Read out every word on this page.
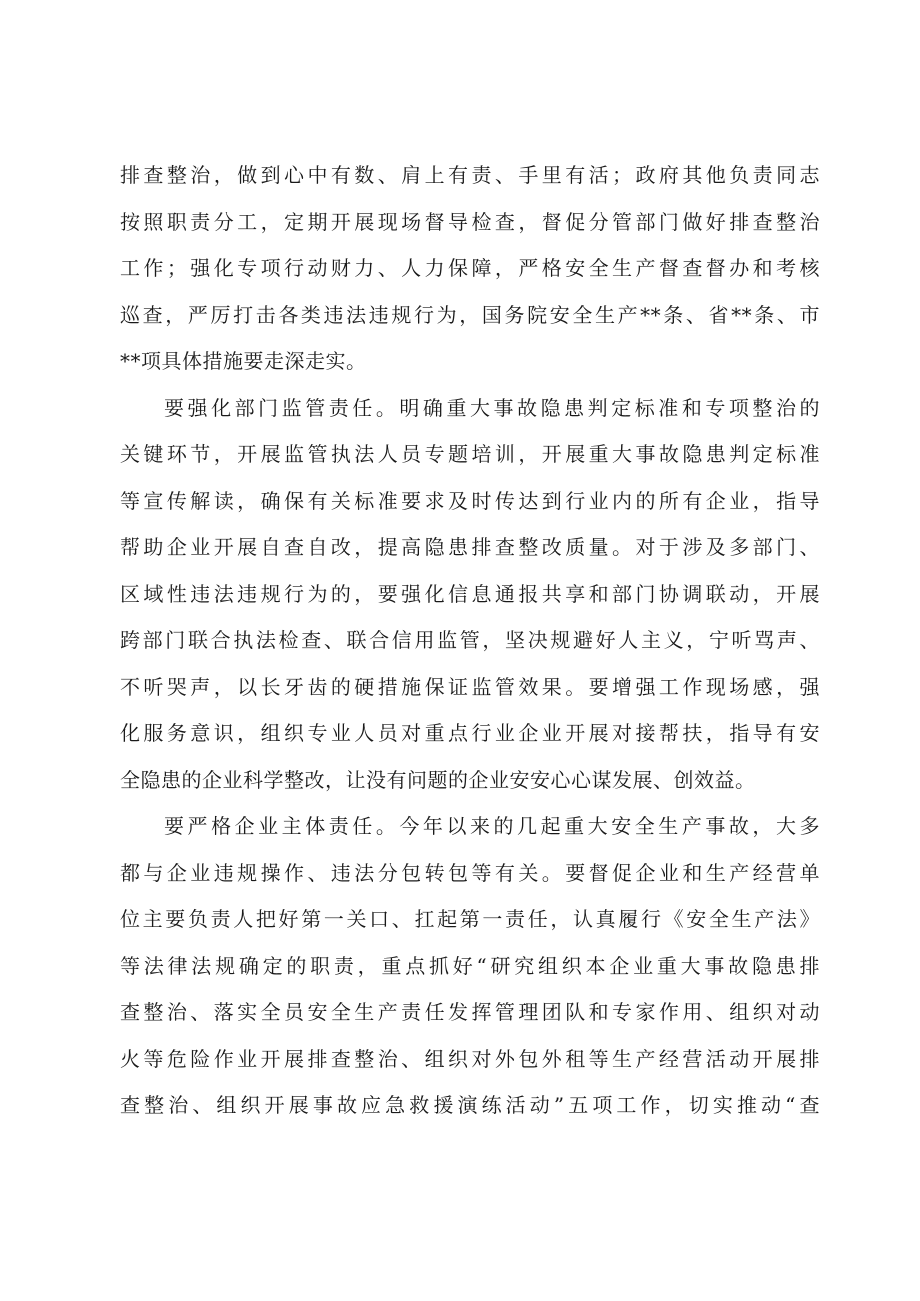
排查整治，做到心中有数、肩上有责、手里有活；政府其他负责同志
按照职责分工，定期开展现场督导检查，督促分管部门做好排查整治
工作；强化专项行动财力、人力保障，严格安全生产督查督办和考核
巡查，严厉打击各类违法违规行为，国务院安全生产**条、省**条、市
**项具体措施要走深走实。
要强化部门监管责任。明确重大事故隐患判定标准和专项整治的
关键环节，开展监管执法人员专题培训，开展重大事故隐患判定标准
等宣传解读，确保有关标准要求及时传达到行业内的所有企业，指导
帮助企业开展自查自改，提高隐患排查整改质量。对于涉及多部门、
区域性违法违规行为的，要强化信息通报共享和部门协调联动，开展
跨部门联合执法检查、联合信用监管，坚决规避好人主义，宁听骂声、
不听哭声，以长牙齿的硬措施保证监管效果。要增强工作现场感，强
化服务意识，组织专业人员对重点行业企业开展对接帮扶，指导有安
全隐患的企业科学整改，让没有问题的企业安安心心谋发展、创效益。
要严格企业主体责任。今年以来的几起重大安全生产事故，大多
都与企业违规操作、违法分包转包等有关。要督促企业和生产经营单
位主要负责人把好第一关口、扛起第一责任，认真履行《安全生产法》
等法律法规确定的职责，重点抓好“研究组织本企业重大事故隐患排
查整治、落实全员安全生产责任发挥管理团队和专家作用、组织对动
火等危险作业开展排查整治、组织对外包外租等生产经营活动开展排
查整治、组织开展事故应急救援演练活动”五项工作，切实推动“查
